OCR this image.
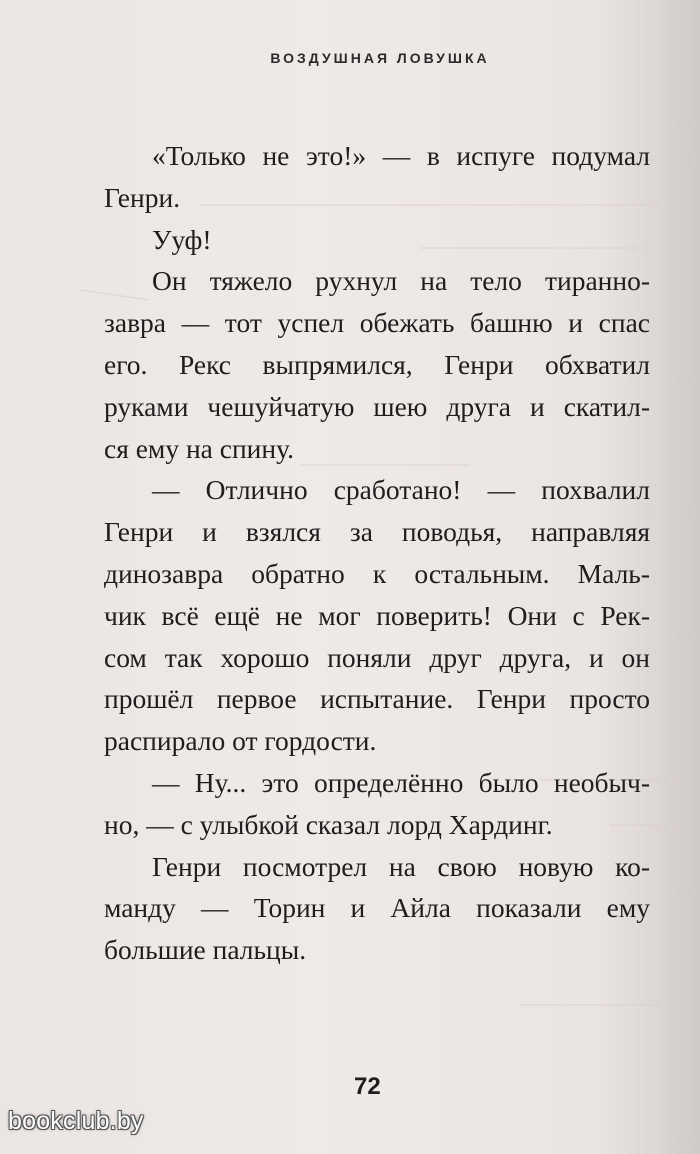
ВОЗДУШНАЯ ЛОВУШКА
«Только не это!» — в испуге подумал
Генри.
Ууф!
Он тяжело рухнул на тело тиранно-
завра — тот успел обежать башню и спас
его. Рекс выпрямился, Генри обхватил
руками чешуйчатую шею друга и скатил-
ся ему на спину.
— Отлично сработано! — похвалил
Генри и взялся за поводья, направляя
динозавра обратно к остальным. Маль-
чик всё ещё не мог поверить! Они с Рек-
сом так хорошо поняли друг друга, и он
прошёл первое испытание. Генри просто
распирало от гордости.
— Ну... это определённо было необыч-
но, — с улыбкой сказал лорд Хардинг.
Генри посмотрел на свою новую ко-
манду — Торин и Айла показали ему
большие пальцы.
72
bookclub.by
